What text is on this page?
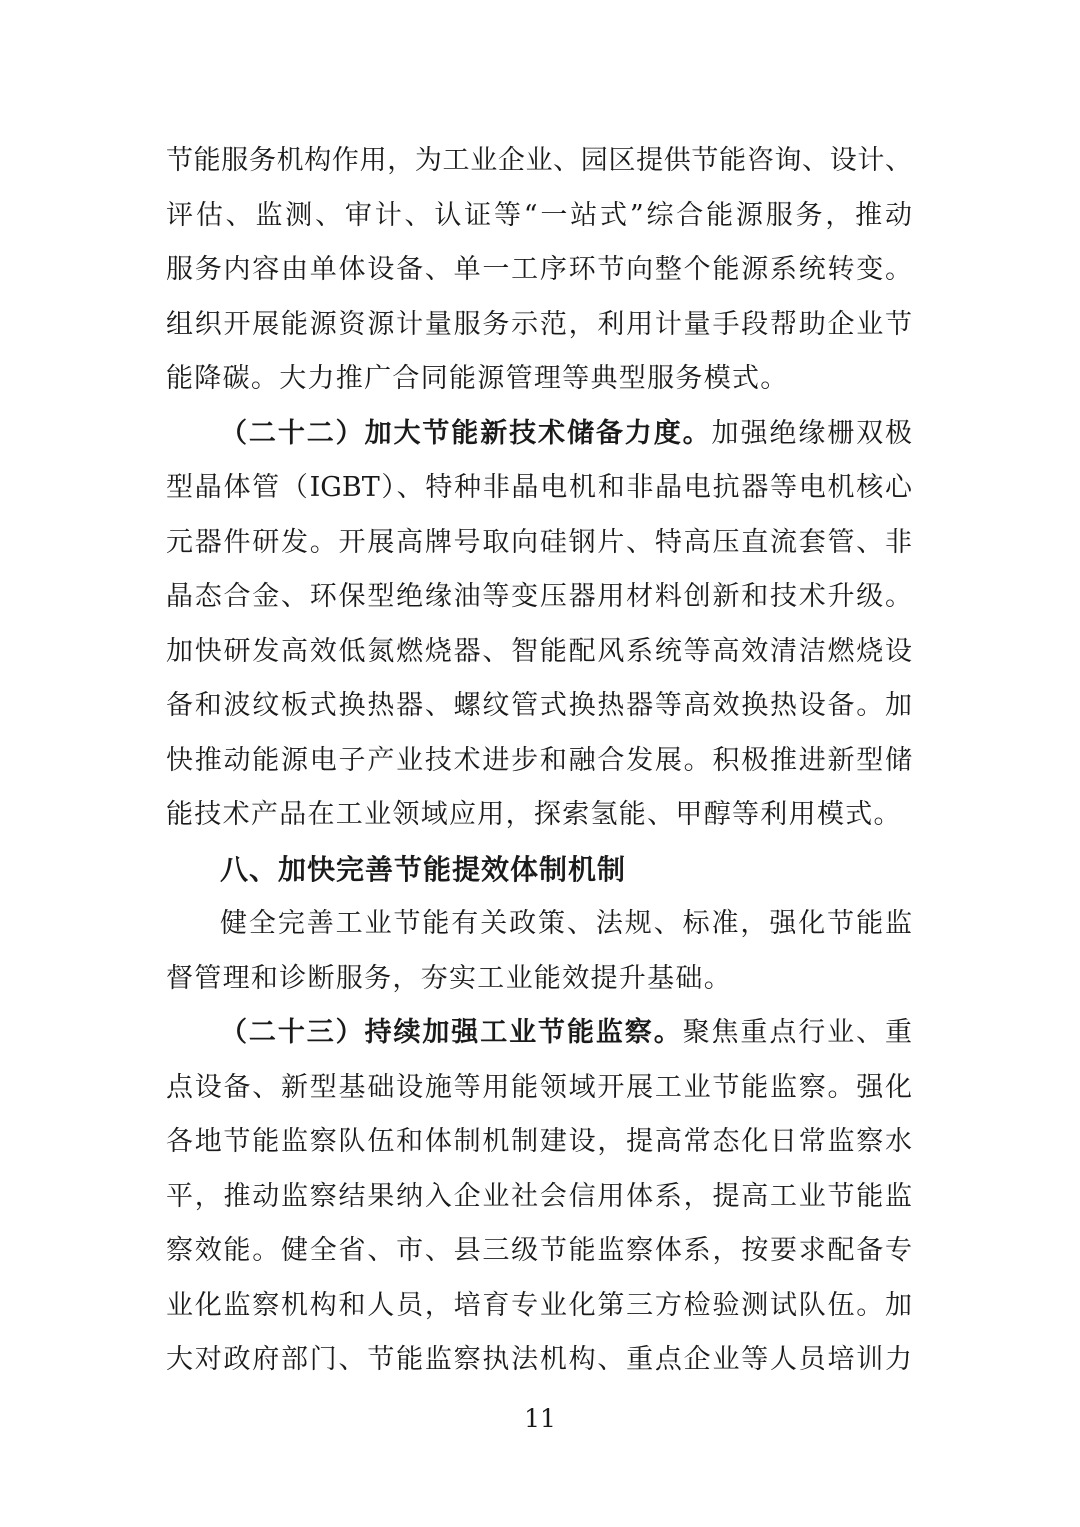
节能服务机构作用，为工业企业、园区提供节能咨询、设计、
评估、监测、审计、认证等“一站式”综合能源服务，推动
服务内容由单体设备、单一工序环节向整个能源系统转变。
组织开展能源资源计量服务示范，利用计量手段帮助企业节
能降碳。大力推广合同能源管理等典型服务模式。
（二十二）加大节能新技术储备力度。加强绝缘栅双极
型晶体管（IGBT）、特种非晶电机和非晶电抗器等电机核心
元器件研发。开展高牌号取向硅钢片、特高压直流套管、非
晶态合金、环保型绝缘油等变压器用材料创新和技术升级。
加快研发高效低氮燃烧器、智能配风系统等高效清洁燃烧设
备和波纹板式换热器、螺纹管式换热器等高效换热设备。加
快推动能源电子产业技术进步和融合发展。积极推进新型储
能技术产品在工业领域应用，探索氢能、甲醇等利用模式。
八、加快完善节能提效体制机制
健全完善工业节能有关政策、法规、标准，强化节能监
督管理和诊断服务，夯实工业能效提升基础。
（二十三）持续加强工业节能监察。聚焦重点行业、重
点设备、新型基础设施等用能领域开展工业节能监察。强化
各地节能监察队伍和体制机制建设，提高常态化日常监察水
平，推动监察结果纳入企业社会信用体系，提高工业节能监
察效能。健全省、市、县三级节能监察体系，按要求配备专
业化监察机构和人员，培育专业化第三方检验测试队伍。加
大对政府部门、节能监察执法机构、重点企业等人员培训力
11
